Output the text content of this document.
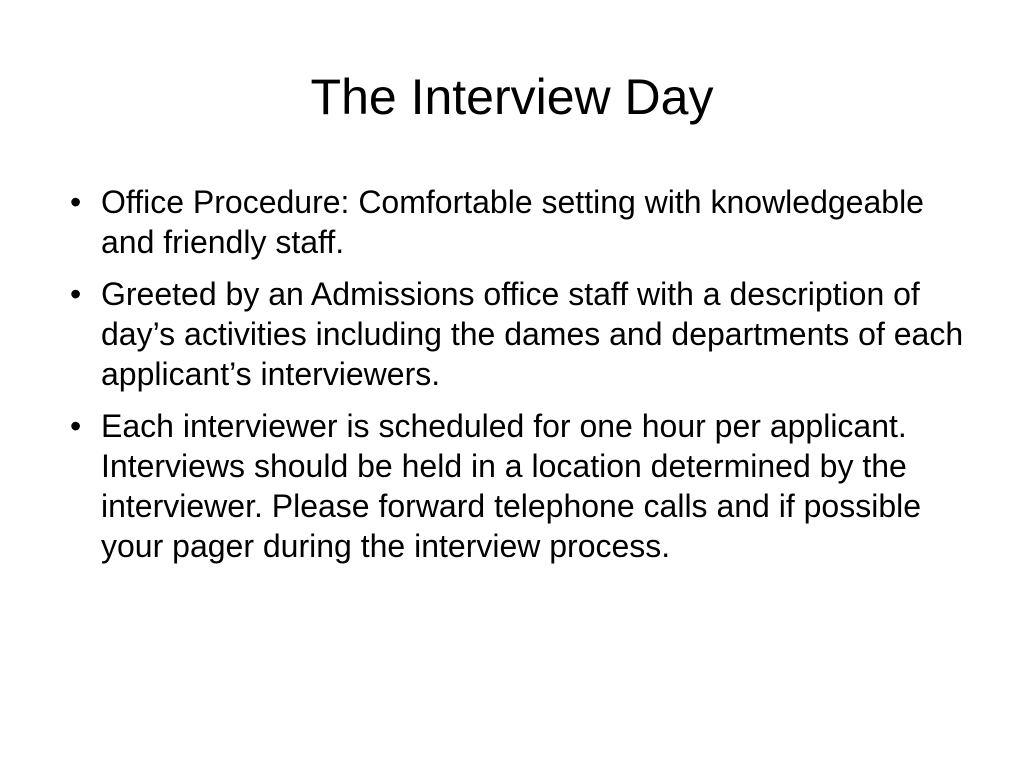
The Interview Day
• Office Procedure: Comfortable setting with knowledgeable and friendly staff.
• Greeted by an Admissions office staff with a description of day’s activities including the dames and departments of each applicant’s interviewers.
• Each interviewer is scheduled for one hour per applicant. Interviews should be held in a location determined by the interviewer. Please forward telephone calls and if possible your pager during the interview process.
